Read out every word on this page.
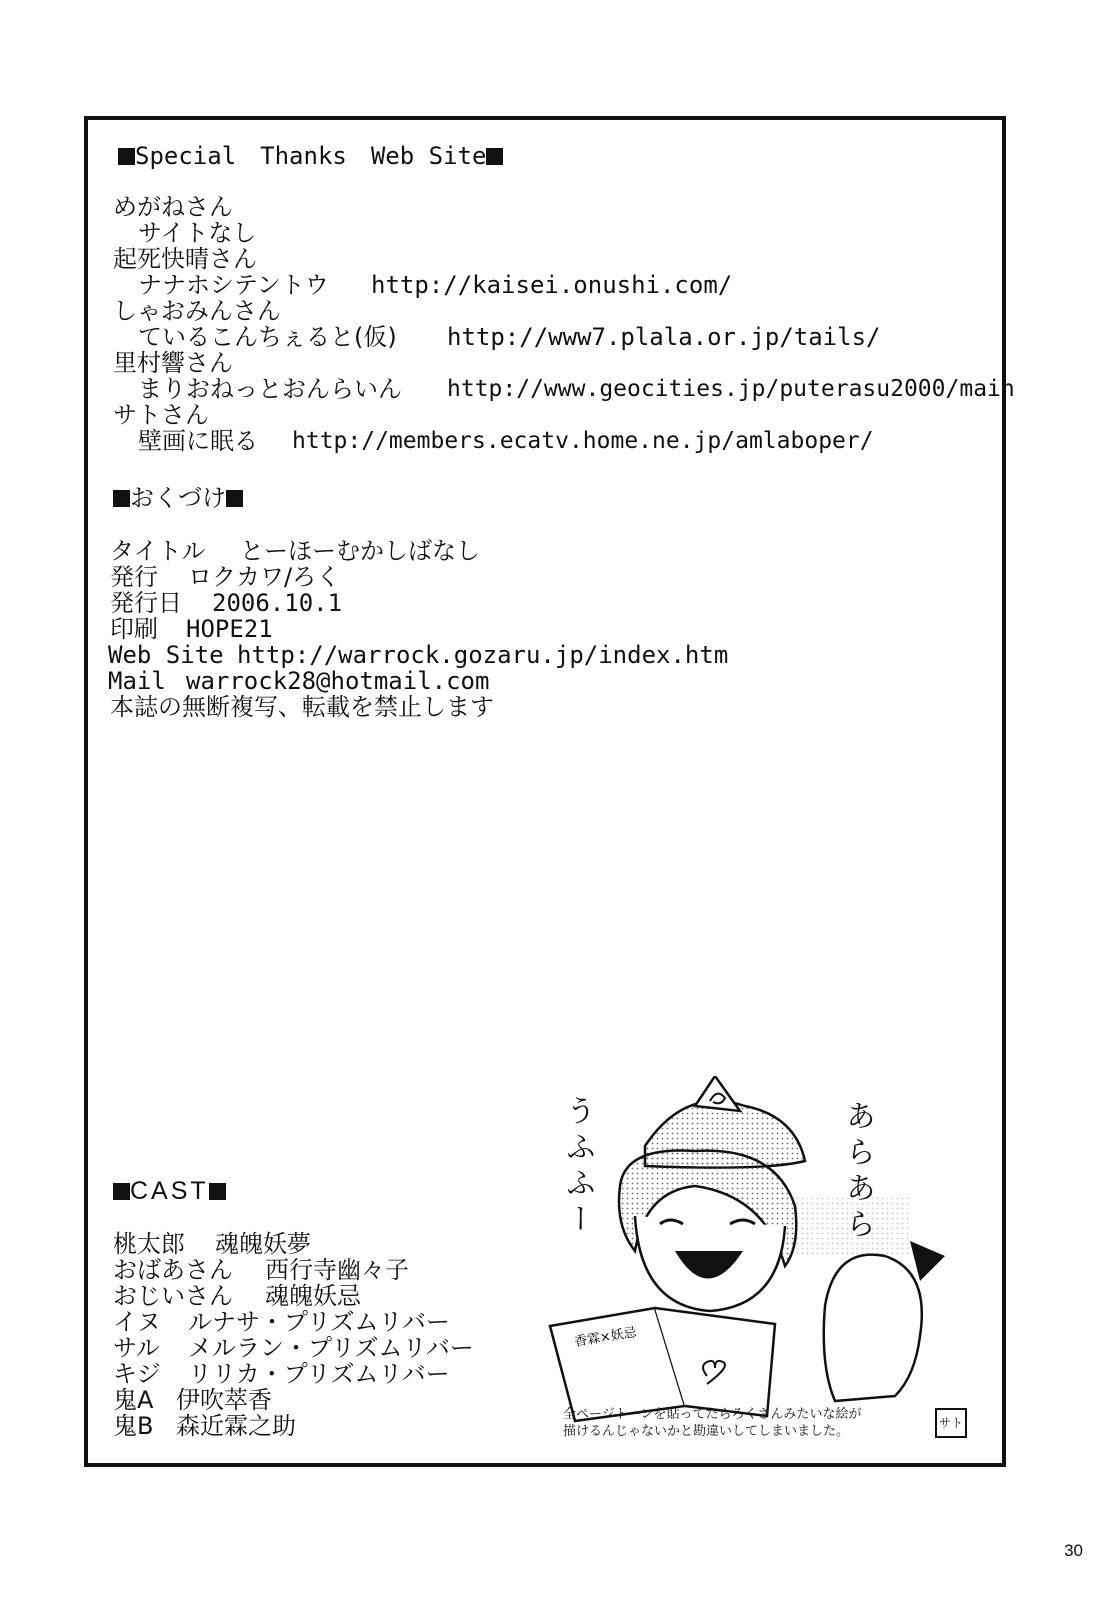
Special　Thanks　Web Site
めがねさん
サイトなし
起死快晴さん
ナナホシテントウ http://kaisei.onushi.com/
しゃおみんさん
ているこんちぇると(仮) http://www7.plala.or.jp/tails/
里村響さん
まりおねっとおんらいん http://www.geocities.jp/puterasu2000/main
サトさん
壁画に眠る http://members.ecatv.home.ne.jp/amlaboper/
おくづけ
タイトル とーほーむかしばなし
発行 ロクカワ/ろく
発行日 2006.10.1
印刷 HOPE21
Web Site http://warrock.gozaru.jp/index.htm
Mail warrock28@hotmail.com
本誌の無断複写、転載を禁止します
CAST
桃太郎 魂魄妖夢
おばあさん 西行寺幽々子
おじいさん 魂魄妖忌
イヌ ルナサ・プリズムリバー
サル メルラン・プリズムリバー
キジ リリカ・プリズムリバー
鬼A 伊吹萃香
鬼B 森近霖之助
香霖×妖忌
うふふー	あらあら
全ページトーンを貼ってたらろくさんみたいな絵が
描けるんじゃないかと勘違いしてしまいました。
サト
30
